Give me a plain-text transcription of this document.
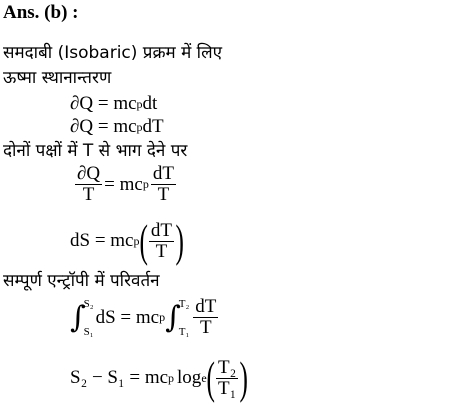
Ans. (b) :
समदाबी (Isobaric) प्रक्रम में लिए
ऊष्मा स्थानान्तरण
∂Q = mc p dt
∂Q = mc p dT
दोनों पक्षों में T से भाग देने पर
$\frac{\partial Q}{T}$ = mc p $\frac{dT}{T}$
dS = mc p ( $\frac{dT}{T}$ )
सम्पूर्ण एन्ट्रॉपी में परिवर्तन
∫
S₂
S₁
dS = mc p ∫
T₂
$T_1 \frac{dT}{T}$
S₂ − S₁ = mc p log e ( $\frac{\text{T₂}}{\text{T₁}}$ )
